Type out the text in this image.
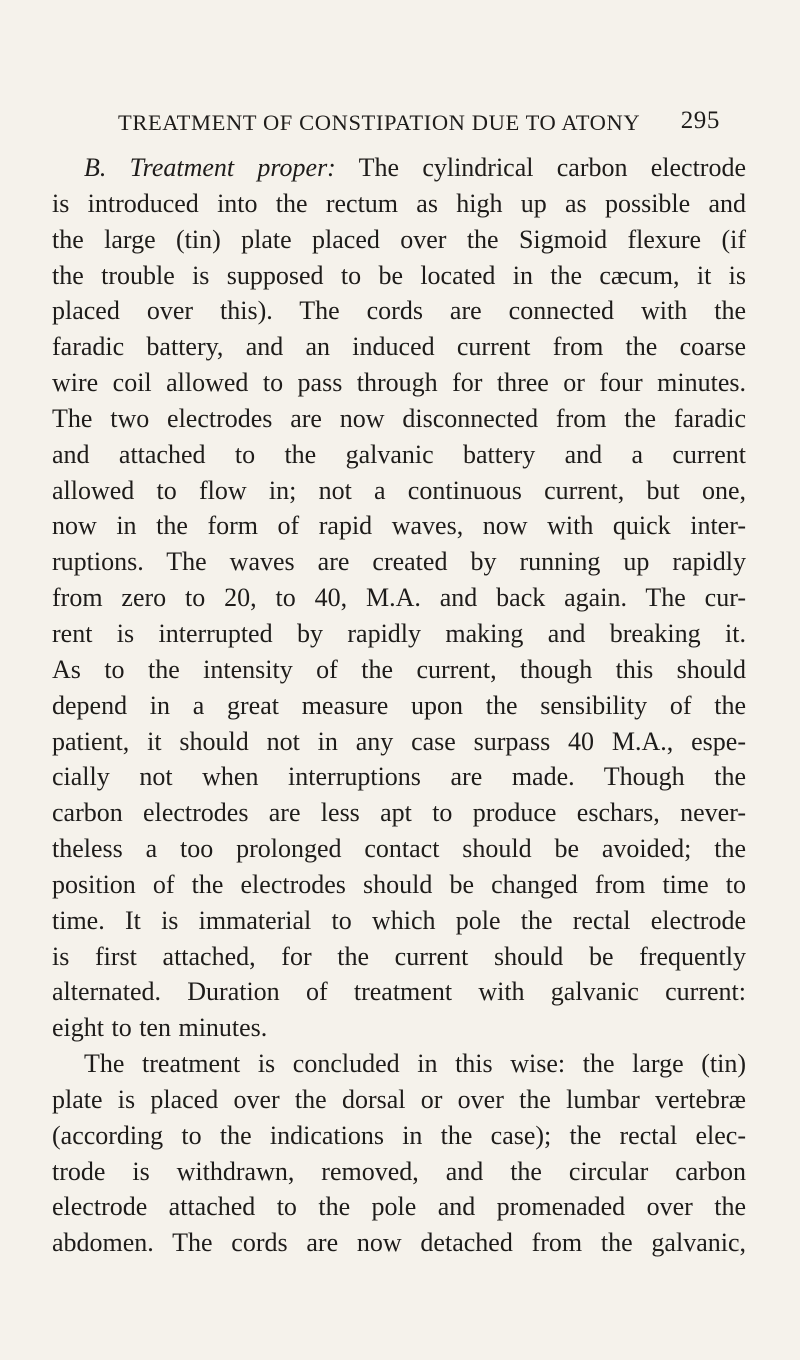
TREATMENT OF CONSTIPATION DUE TO ATONY 295

B. Treatment proper: The cylindrical carbon electrode

is introduced into the rectum as high up as possible and

the large (tin) plate placed over the Sigmoid flexure (if

the trouble is supposed to be located in the cæcum, it is

placed over this). The cords are connected with the

faradic battery, and an induced current from the coarse

wire coil allowed to pass through for three or four minutes.

The two electrodes are now disconnected from the faradic

and attached to the galvanic battery and a current

allowed to flow in; not a continuous current, but one,

now in the form of rapid waves, now with quick inter-

ruptions. The waves are created by running up rapidly

from zero to 20, to 40, M.A. and back again. The cur-

rent is interrupted by rapidly making and breaking it.

As to the intensity of the current, though this should

depend in a great measure upon the sensibility of the

patient, it should not in any case surpass 40 M.A., espe-

cially not when interruptions are made. Though the

carbon electrodes are less apt to produce eschars, never-

theless a too prolonged contact should be avoided; the

position of the electrodes should be changed from time to

time. It is immaterial to which pole the rectal electrode

is first attached, for the current should be frequently

alternated. Duration of treatment with galvanic current:

eight to ten minutes.

The treatment is concluded in this wise: the large (tin)

plate is placed over the dorsal or over the lumbar vertebræ

(according to the indications in the case); the rectal elec-

trode is withdrawn, removed, and the circular carbon

electrode attached to the pole and promenaded over the

abdomen. The cords are now detached from the galvanic,
